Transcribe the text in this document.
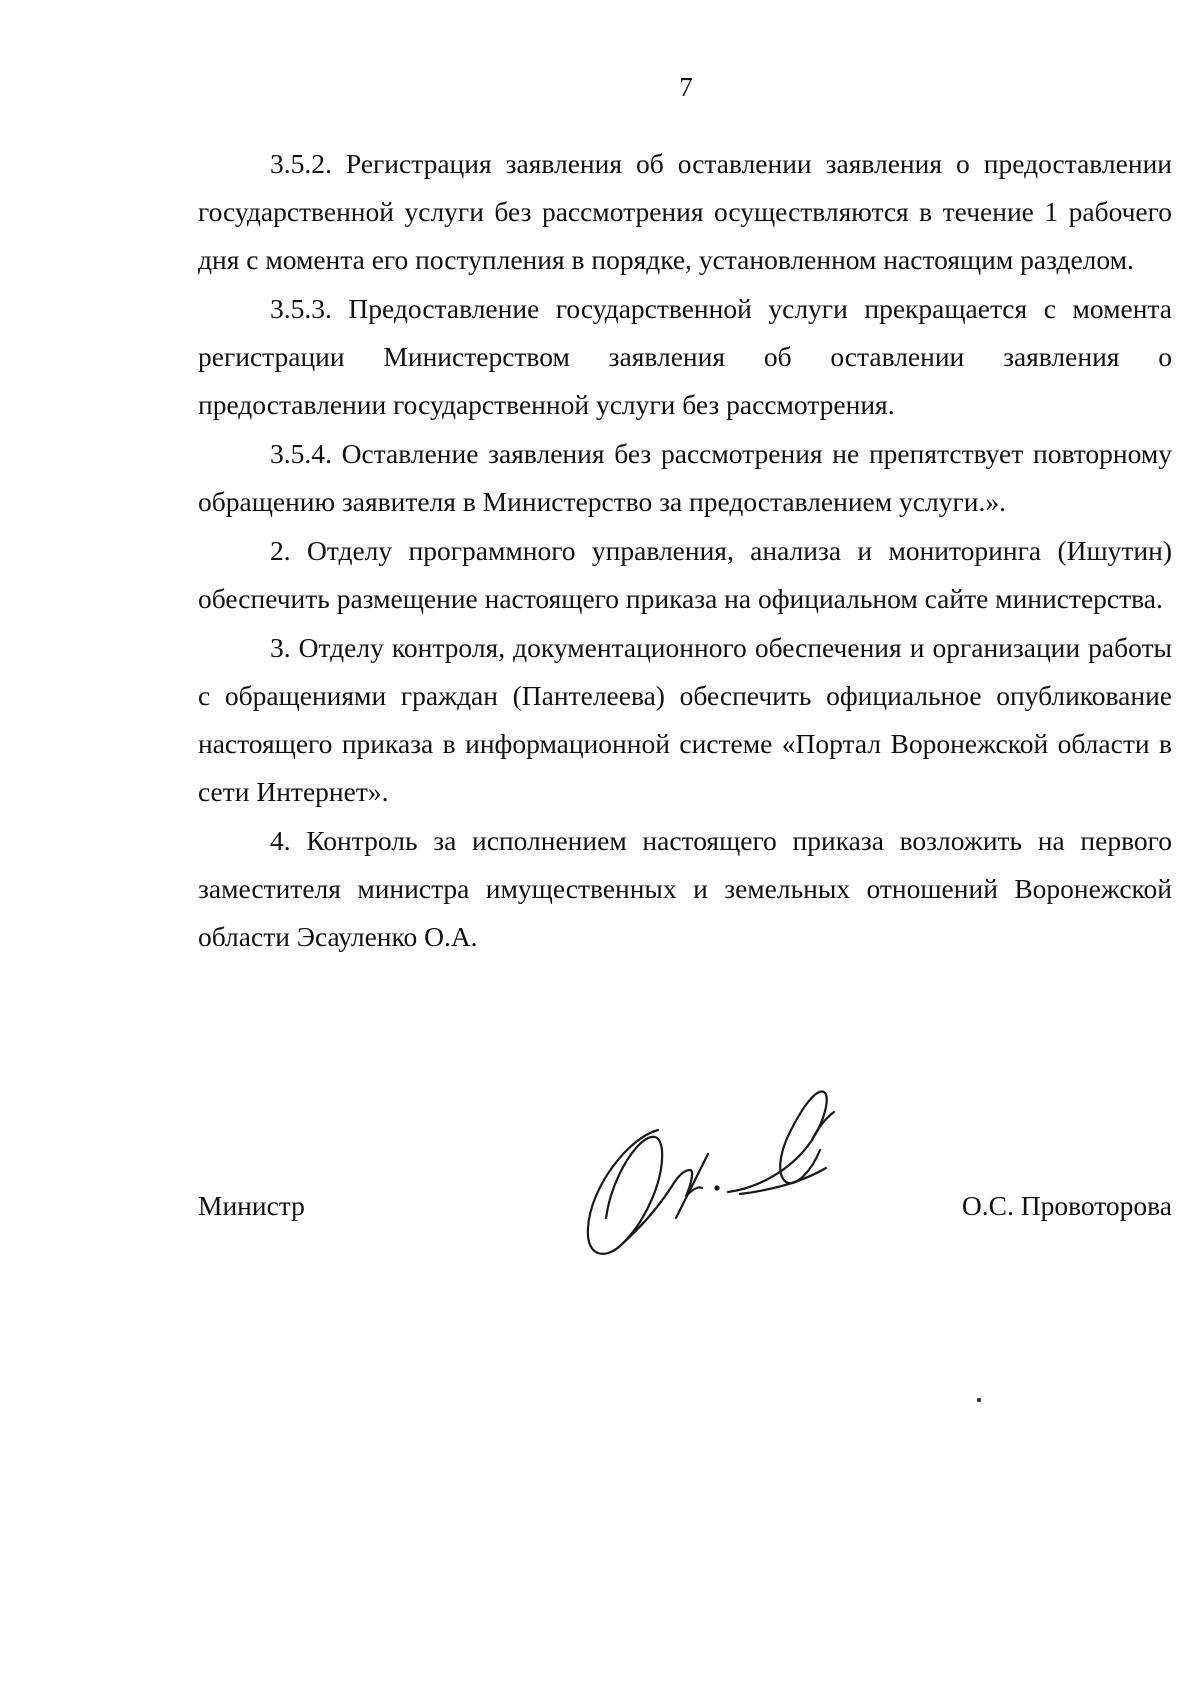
7

3.5.2. Регистрация заявления об оставлении заявления о предоставлении государственной услуги без рассмотрения осуществляются в течение 1 рабочего дня с момента его поступления в порядке, установленном настоящим разделом.

3.5.3. Предоставление государственной услуги прекращается с момента регистрации Министерством заявления об оставлении заявления о предоставлении государственной услуги без рассмотрения.

3.5.4. Оставление заявления без рассмотрения не препятствует повторному обращению заявителя в Министерство за предоставлением услуги.».

2. Отделу программного управления, анализа и мониторинга (Ишутин) обеспечить размещение настоящего приказа на официальном сайте министерства.

3. Отделу контроля, документационного обеспечения и организации работы с обращениями граждан (Пантелеева) обеспечить официальное опубликование настоящего приказа в информационной системе «Портал Воронежской области в сети Интернет».

4. Контроль за исполнением настоящего приказа возложить на первого заместителя министра имущественных и земельных отношений Воронежской области Эсауленко О.А.

Министр	О.С. Провоторова
